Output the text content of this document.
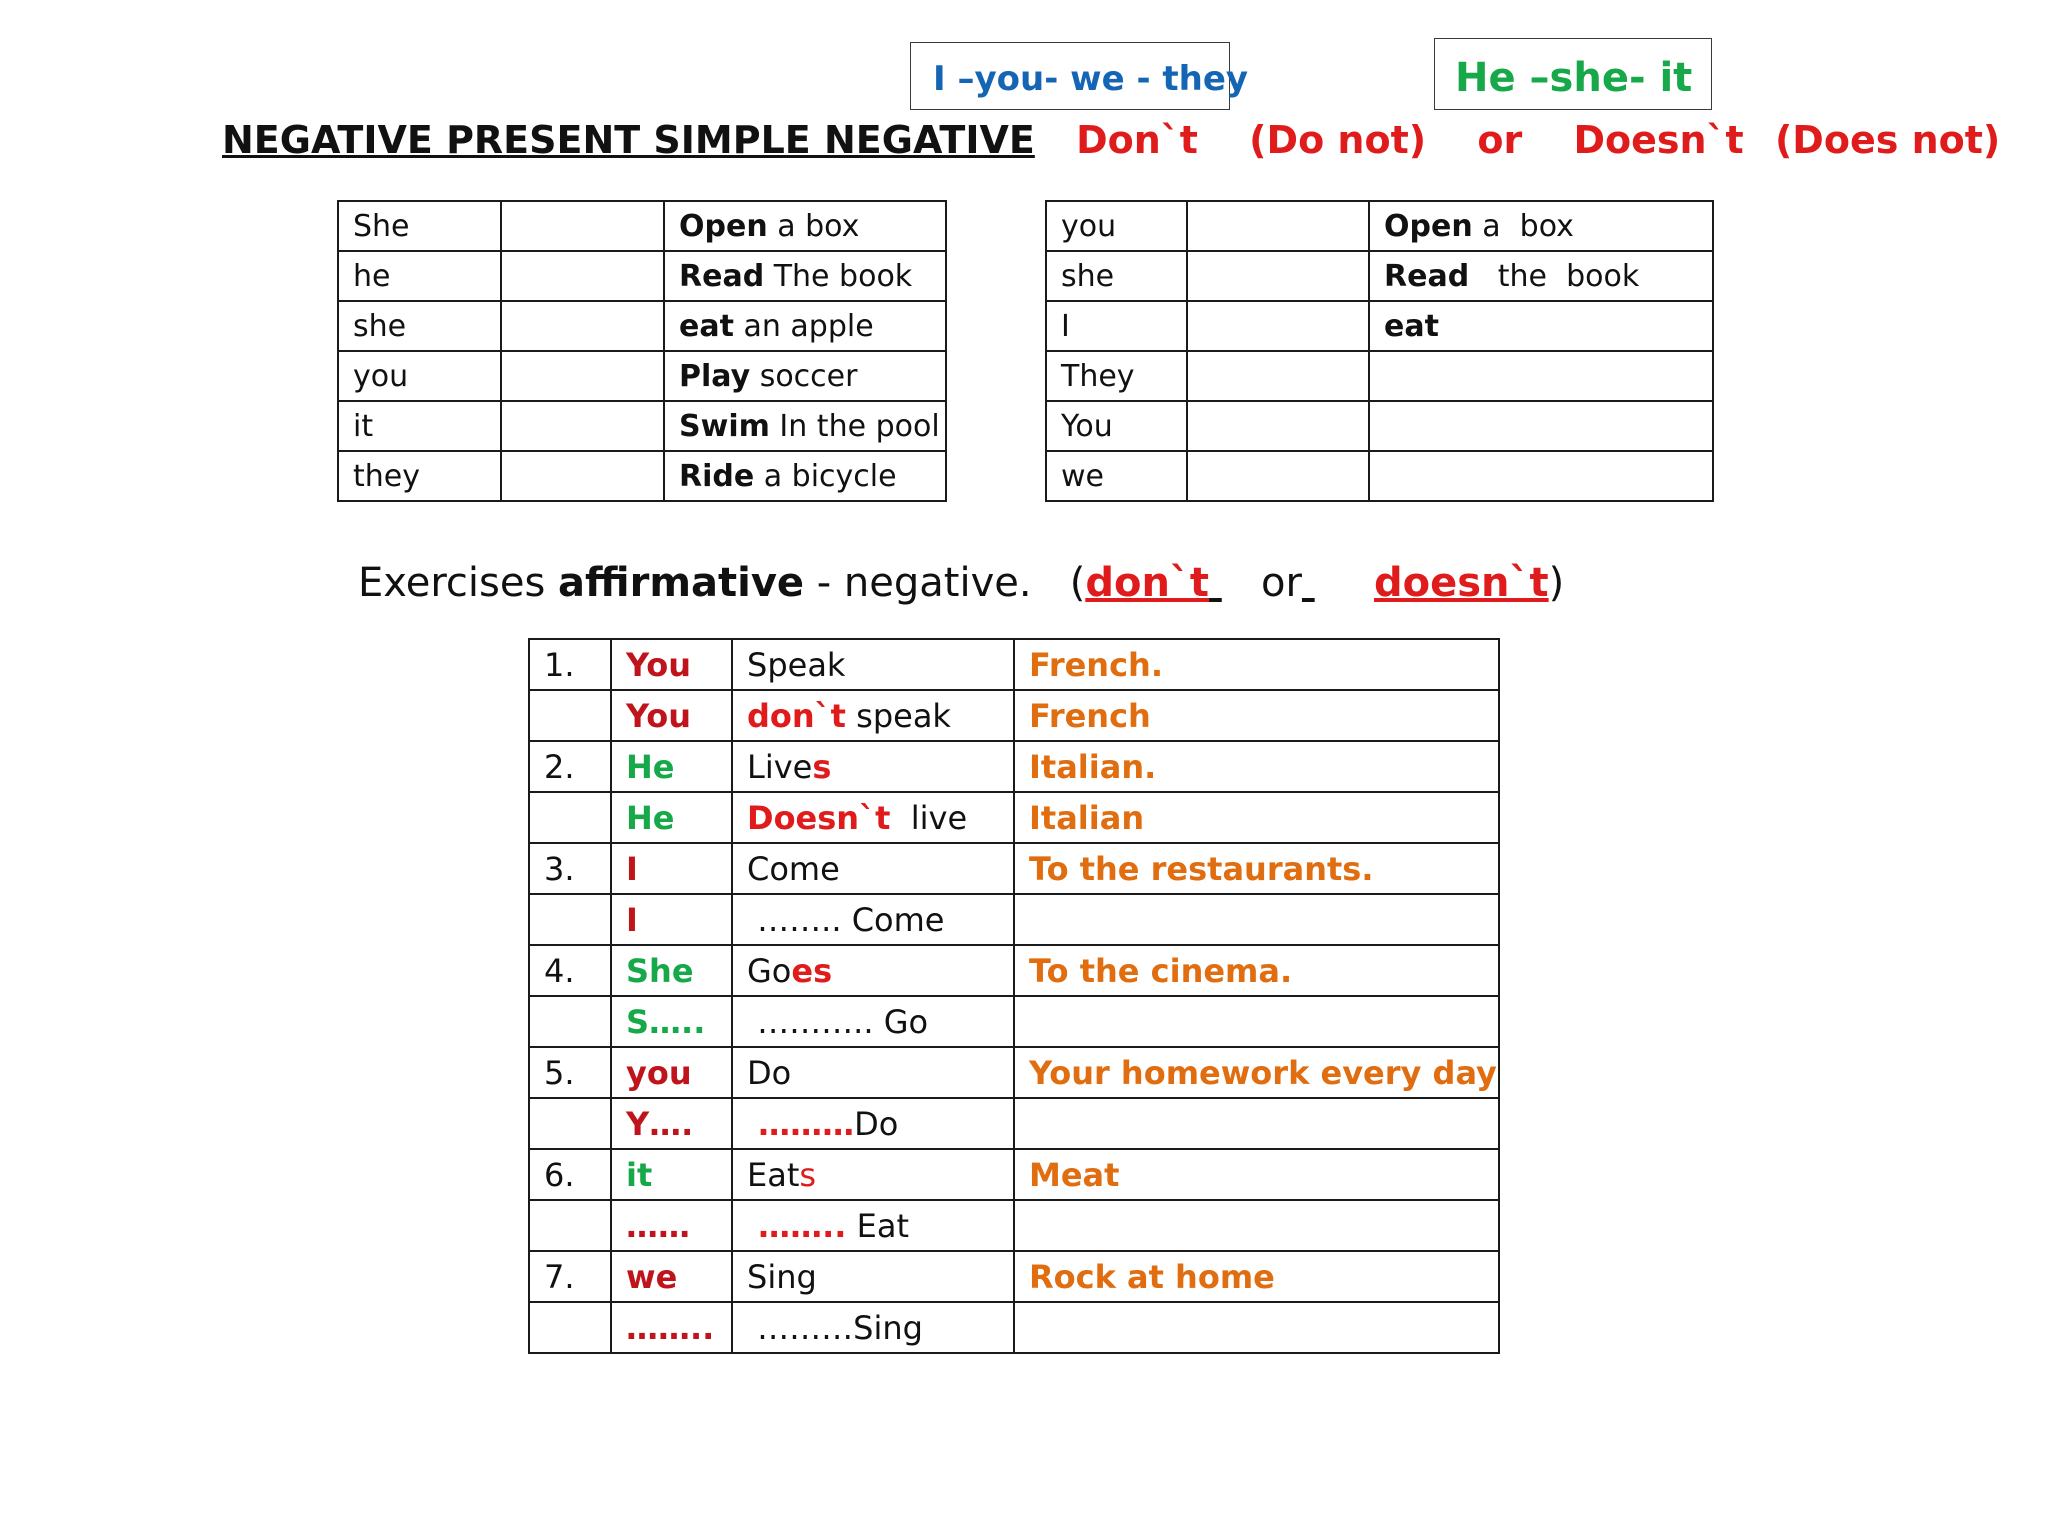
I –you- we - they	He –she- it
NEGATIVE PRESENT SIMPLE NEGATIVE Don`t (Do not) or Doesn`t (Does not)
She		Open a box
he		Read The book
she		eat an apple
you		Play soccer
it		Swim In the pool
they		Ride a bicycle
you		Open a  box
she		Read   the  book
I		eat
They		
You		
we		
Exercises affirmative - negative.   (don`t or doesn`t)
1.	You	Speak	French.
	You	don`t speak	French
2.	He	Lives	Italian.
	He	Doesn`t  live	Italian
3.	I	Come	To the restaurants.
	I	…….. Come	
4.	She	Goes	To the cinema.
	S…..	……….. Go	
5.	you	Do	Your homework every day
	Y….	………Do	
6.	it	Eats	Meat
	……	…….. Eat	
7.	we	Sing	Rock at home
	……..	………Sing	
